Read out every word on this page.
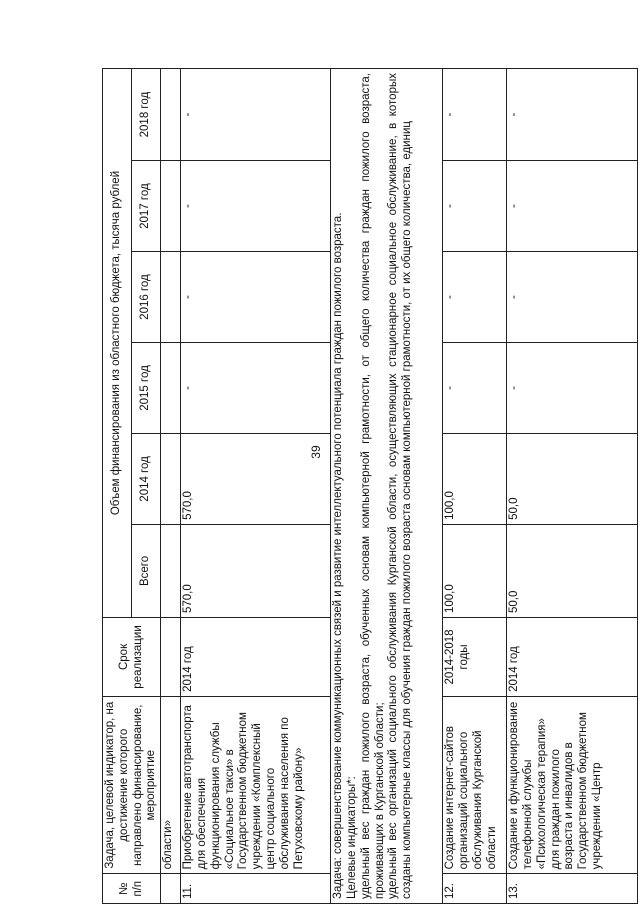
39
№ п/п	Задача, целевой индикатор, на достижение которого направлено финансирование, мероприятие	Срок реализации	Объем финансирования из областного бюджета, тысяча рублей					
			Всего	2014 год	2015 год	2016 год	2017 год	2018 год
	области»							
11.	Приобретение автотранспорта для обеспечения функционирования службы «Социальное такси» в Государственном бюджетном учреждении «Комплексный центр социального обслуживания населения по Петуховскому району»	2014 год	570,0	570,0	-	-	-	-

Задача: совершенствование коммуникационных связей и развитие интеллектуального потенциала граждан пожилого возраста. Целевые индикаторы*: удельный вес граждан пожилого возраста, обученных основам компьютерной грамотности, от общего количества граждан пожилого возраста, проживающих в Курганской области; удельный вес организаций социального обслуживания Курганской области, осуществляющих стационарное социальное обслуживание, в которых созданы компьютерные классы для обучения граждан пожилого возраста основам компьютерной грамотности, от их общего количества, единиц								

12.	Создание интернет-сайтов организаций социального обслуживания Курганской области	2014-2018 годы	100,0	100,0	-	-	-	-
13.	Создание и функционирование телефонной службы «Психологическая терапия» для граждан пожилого возраста и инвалидов в Государственном бюджетном учреждении «Центр	2014 год	50,0	50,0	-	-	-	-
